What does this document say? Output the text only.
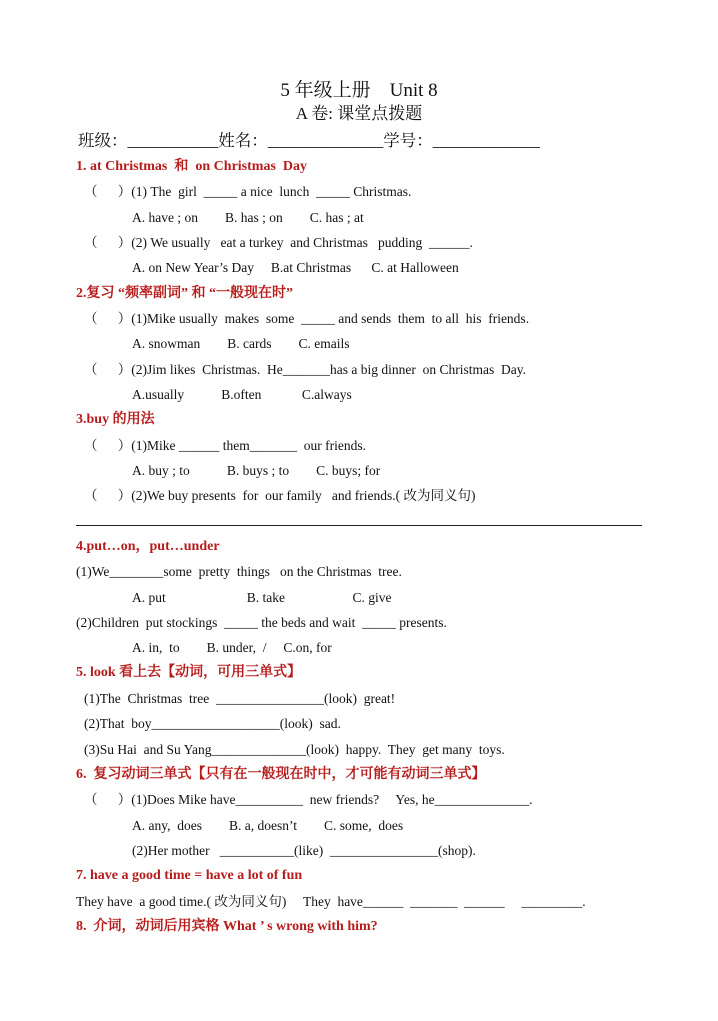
5 年级上册    Unit 8
A 卷: 课堂点拨题
班级：___________姓名：______________学号：_____________
1. at Christmas  和  on Christmas  Day
（      ）(1) The  girl  _____ a nice  lunch  _____ Christmas.
A. have ; on        B. has ; on        C. has ; at
（      ）(2) We usually   eat a turkey  and Christmas   pudding  ______.
A. on New Year’s Day     B.at Christmas      C. at Halloween
2.复习 “频率副词” 和 “一般现在时”
（      ）(1)Mike usually  makes  some  _____ and sends  them  to all  his  friends.
A. snowman        B. cards        C. emails
（      ）(2)Jim likes  Christmas.  He_______has a big dinner  on Christmas  Day.
A.usually           B.often            C.always
3.buy 的用法
（      ）(1)Mike ______ them_______  our friends.
A. buy ; to           B. buys ; to        C. buys; for
（      ）(2)We buy presents  for  our family   and friends.( 改为同义句)
4.put…on，put…under
(1)We________some  pretty  things   on the Christmas  tree.
A. put                        B. take                    C. give
(2)Children  put stockings  _____ the beds and wait  _____ presents.
A. in,  to        B. under,  /     C.on, for
5. look 看上去【动词，可用三单式】
(1)The  Christmas  tree  ________________(look)  great!
(2)That  boy___________________(look)  sad.
(3)Su Hai  and Su Yang______________(look)  happy.  They  get many  toys.
6.  复习动词三单式【只有在一般现在时中，才可能有动词三单式】
（      ）(1)Does Mike have__________  new friends?     Yes, he______________.
A. any,  does        B. a, doesn’t        C. some,  does
(2)Her mother   ___________(like)  ________________(shop).
7. have a good time = have a lot of fun
They have  a good time.( 改为同义句)     They  have______  _______  ______     _________.
8.  介词，动词后用宾格 What ’ s wrong with him?
